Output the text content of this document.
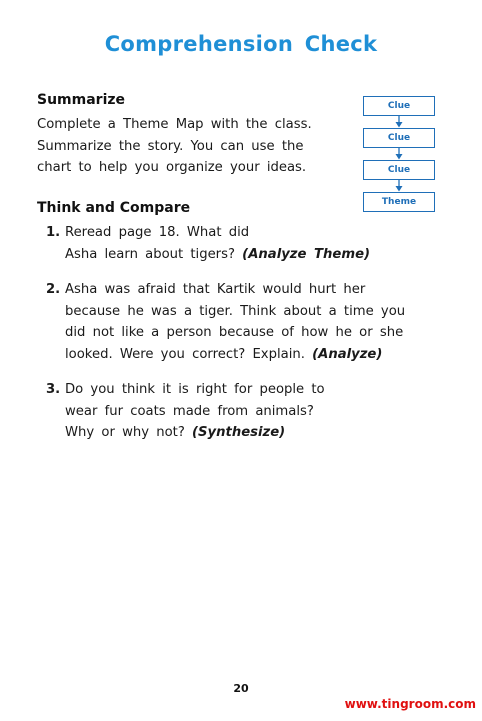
Comprehension Check
Summarize
Complete a Theme Map with the class.
Summarize the story. You can use the
chart to help you organize your ideas.
Clue
Clue
Clue
Theme
Think and Compare
1. Reread page 18. What did
Asha learn about tigers? (Analyze Theme)
2. Asha was afraid that Kartik would hurt her
because he was a tiger. Think about a time you
did not like a person because of how he or she
looked. Were you correct? Explain. (Analyze)
3. Do you think it is right for people to
wear fur coats made from animals?
Why or why not? (Synthesize)
20
www.tingroom.com
